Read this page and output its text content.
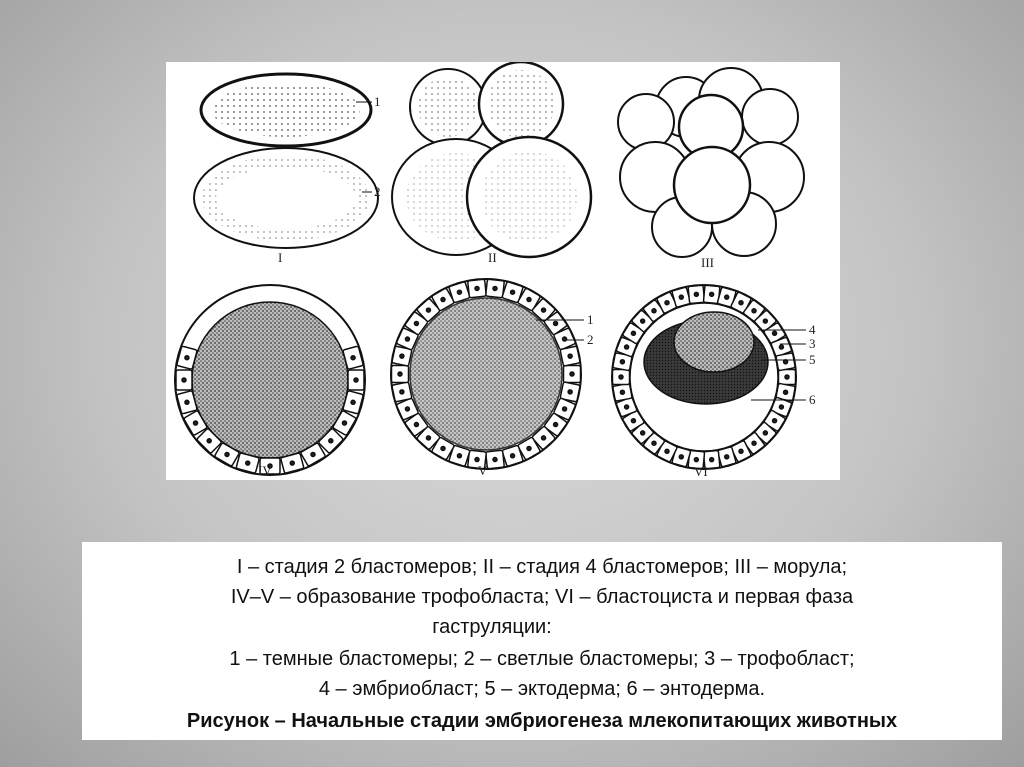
1
2
I	II	III
IV
1
2
V
4
3
5
6
VI
I – стадия 2 бластомеров; II – стадия 4 бластомеров; III – морула;
IV–V – образование трофобласта; VI – бластоциста и первая фаза
гаструляции:
1 – темные бластомеры; 2 – светлые бластомеры; 3 – трофобласт;
4 – эмбриобласт; 5 – эктодерма; 6 – энтодерма.
Рисунок – Начальные стадии эмбриогенеза млекопитающих животных
